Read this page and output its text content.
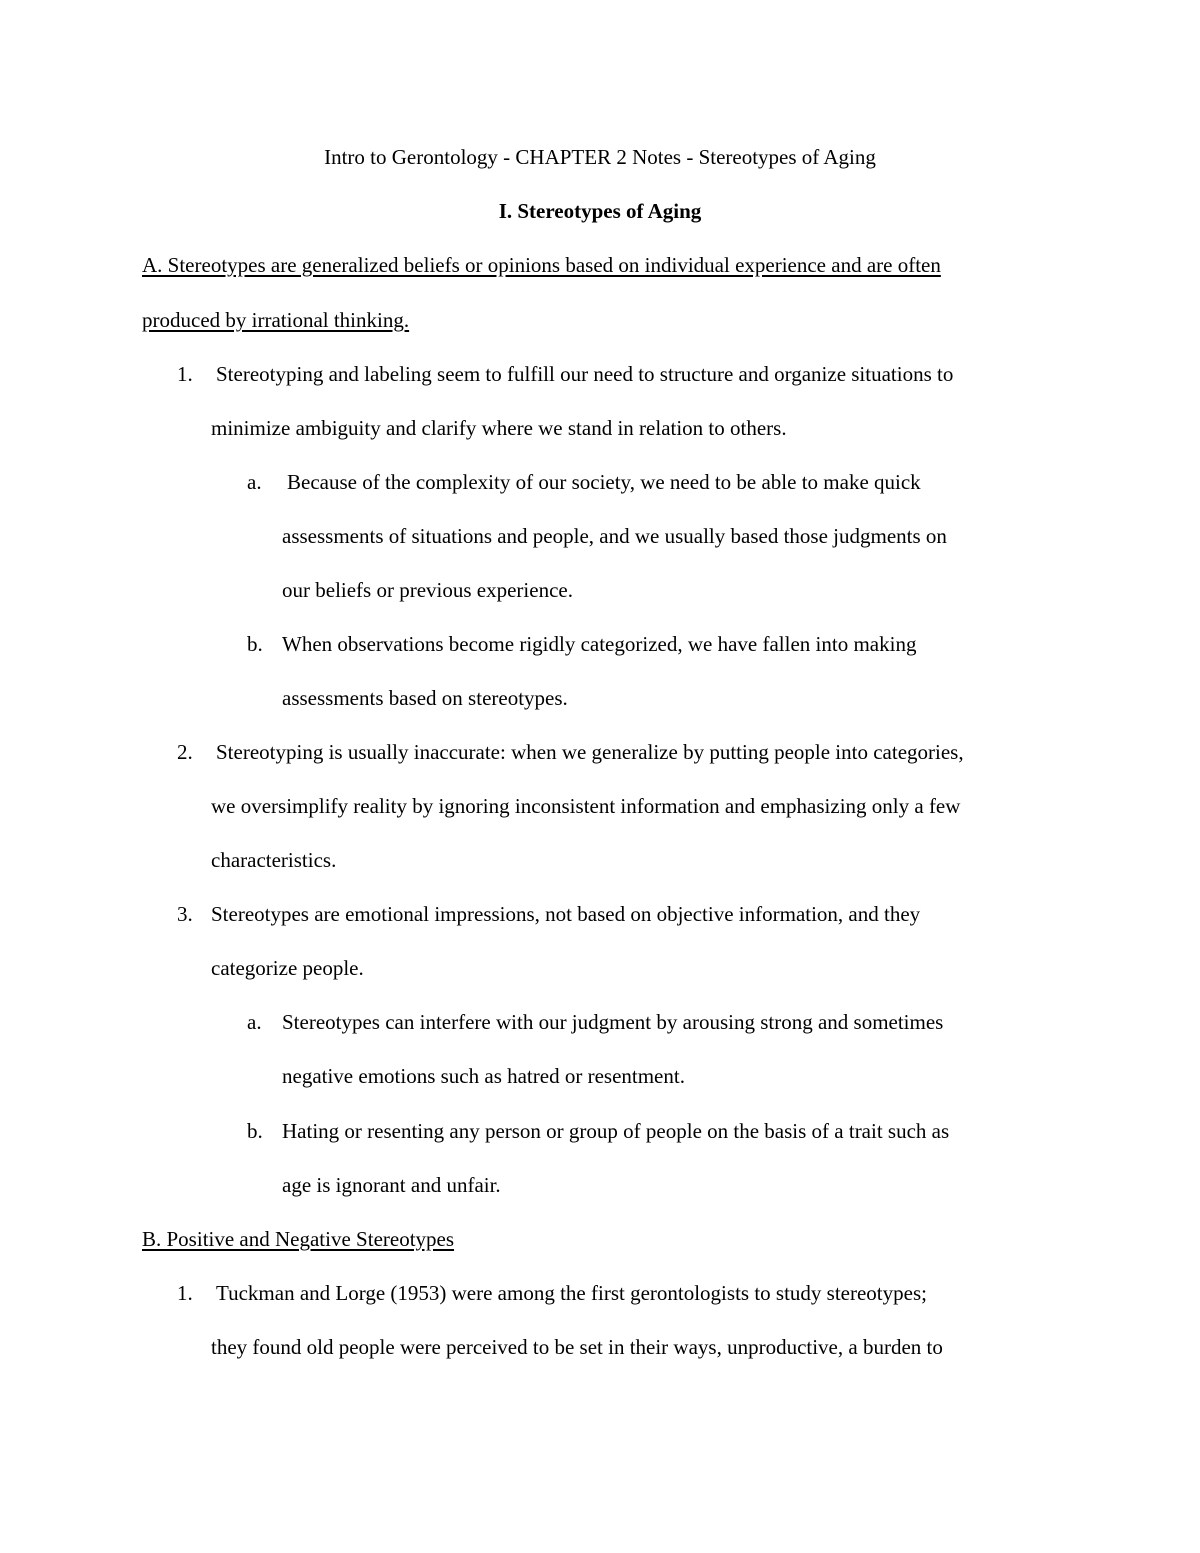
Intro to Gerontology - CHAPTER 2 Notes - Stereotypes of Aging
I. Stereotypes of Aging
A. Stereotypes are generalized beliefs or opinions based on individual experience and are often
produced by irrational thinking.
1. Stereotyping and labeling seem to fulfill our need to structure and organize situations to
minimize ambiguity and clarify where we stand in relation to others.
a. Because of the complexity of our society, we need to be able to make quick
assessments of situations and people, and we usually based those judgments on
our beliefs or previous experience.
b. When observations become rigidly categorized, we have fallen into making
assessments based on stereotypes.
2. Stereotyping is usually inaccurate: when we generalize by putting people into categories,
we oversimplify reality by ignoring inconsistent information and emphasizing only a few
characteristics.
3. Stereotypes are emotional impressions, not based on objective information, and they
categorize people.
a. Stereotypes can interfere with our judgment by arousing strong and sometimes
negative emotions such as hatred or resentment.
b. Hating or resenting any person or group of people on the basis of a trait such as
age is ignorant and unfair.
B. Positive and Negative Stereotypes
1. Tuckman and Lorge (1953) were among the first gerontologists to study stereotypes;
they found old people were perceived to be set in their ways, unproductive, a burden to
